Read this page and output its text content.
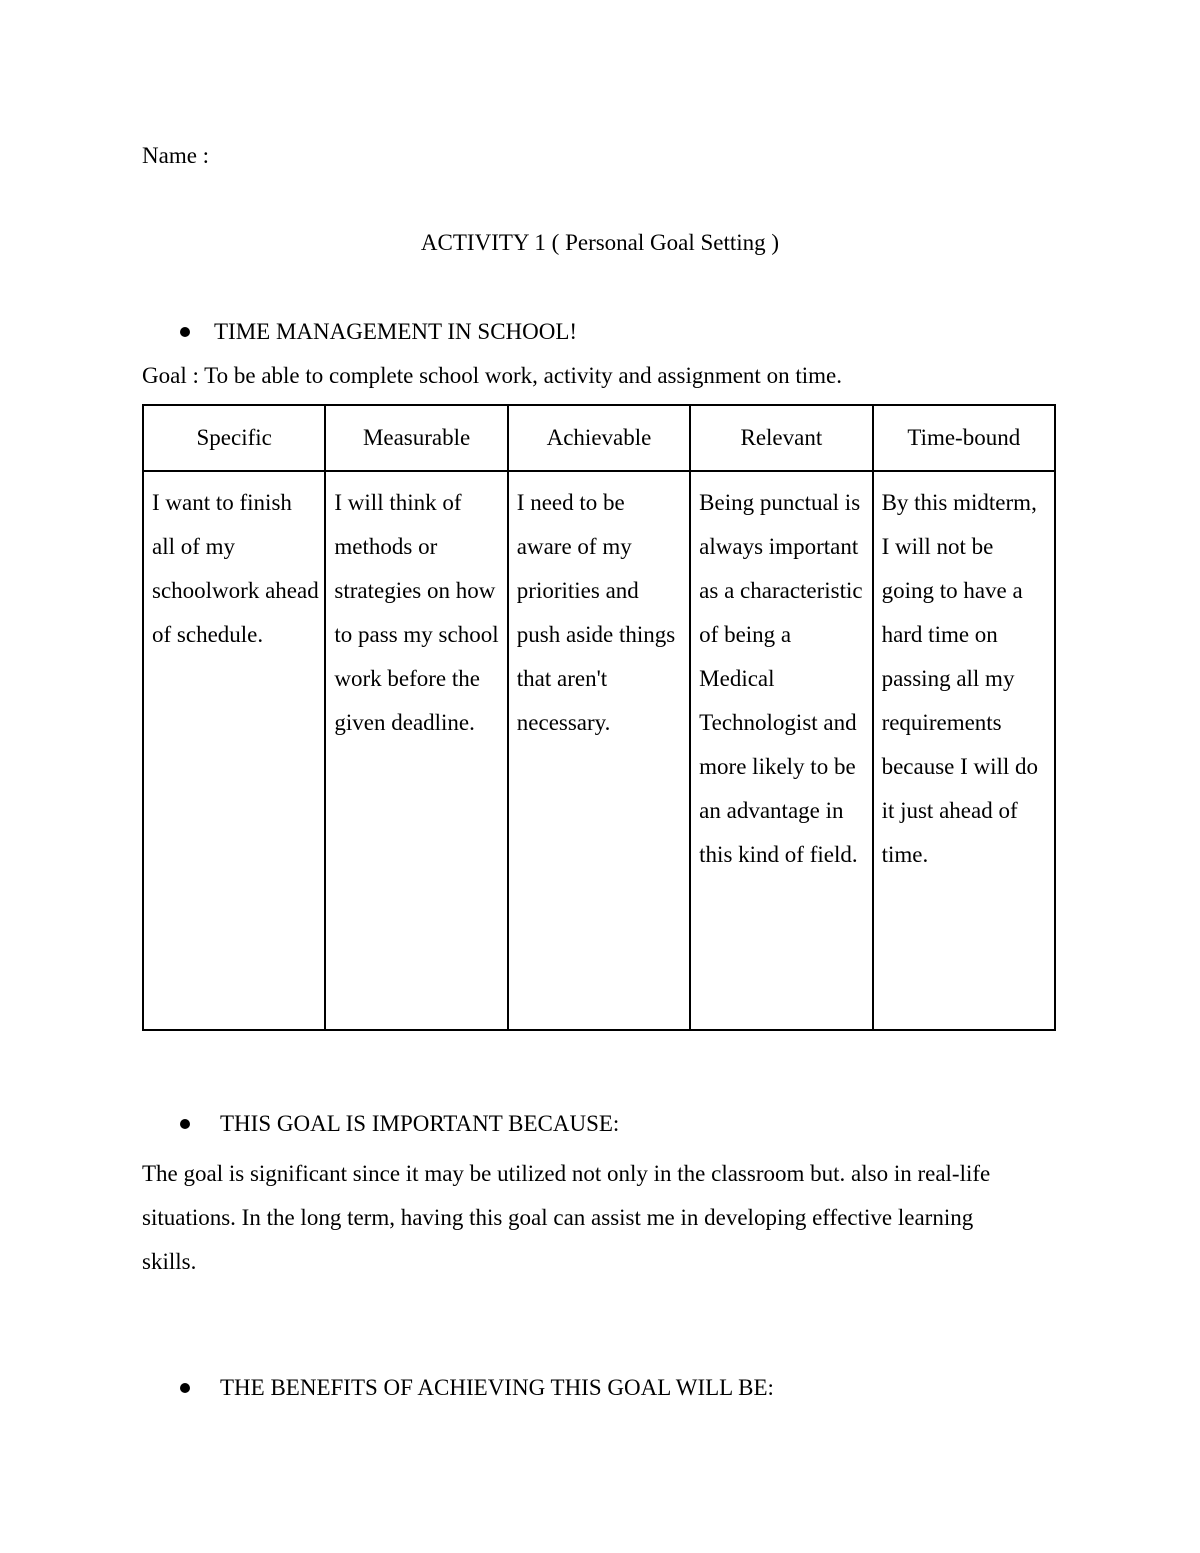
Name :
ACTIVITY 1 ( Personal Goal Setting )
TIME MANAGEMENT IN SCHOOL!
Goal : To be able to complete school work, activity and assignment on time.
Specific	Measurable	Achievable	Relevant	Time-bound
I want to finish all of my schoolwork ahead of schedule.	I will think of methods or strategies on how to pass my school work before the given deadline.	I need to be aware of my priorities and push aside things that aren't necessary.	Being punctual is always important as a characteristic of being a Medical Technologist and more likely to be an advantage in this kind of field.	By this midterm, I will not be going to have a hard time on passing all my requirements because I will do it just ahead of time.
THIS GOAL IS IMPORTANT BECAUSE:
The goal is significant since it may be utilized not only in the classroom but. also in real-life situations. In the long term, having this goal can assist me in developing effective learning skills.
THE BENEFITS OF ACHIEVING THIS GOAL WILL BE:
